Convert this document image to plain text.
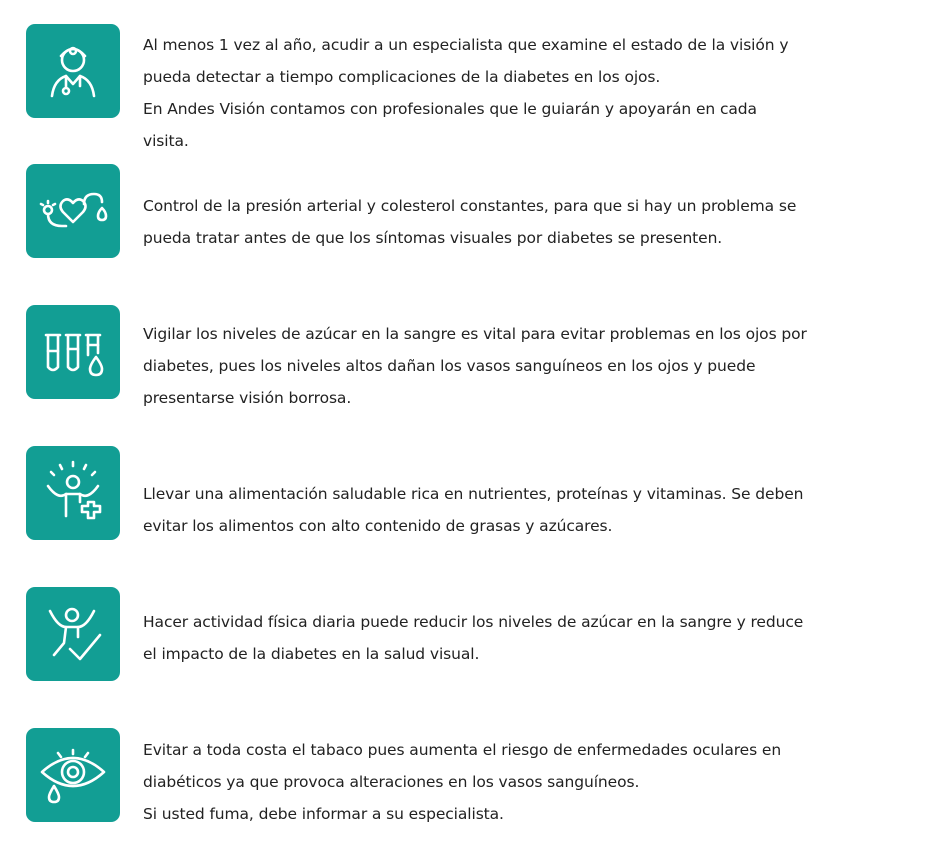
Al menos 1 vez al año, acudir a un especialista que examine el estado de la visión y

pueda detectar a tiempo complicaciones de la diabetes en los ojos.

En Andes Visión contamos con profesionales que le guiarán y apoyarán en cada

visita.

Control de la presión arterial y colesterol constantes, para que si hay un problema se

pueda tratar antes de que los síntomas visuales por diabetes se presenten.

Vigilar los niveles de azúcar en la sangre es vital para evitar problemas en los ojos por

diabetes, pues los niveles altos dañan los vasos sanguíneos en los ojos y puede

presentarse visión borrosa.

Llevar una alimentación saludable rica en nutrientes, proteínas y vitaminas. Se deben

evitar los alimentos con alto contenido de grasas y azúcares.

Hacer actividad física diaria puede reducir los niveles de azúcar en la sangre y reduce

el impacto de la diabetes en la salud visual.

Evitar a toda costa el tabaco pues aumenta el riesgo de enfermedades oculares en

diabéticos ya que provoca alteraciones en los vasos sanguíneos.

Si usted fuma, debe informar a su especialista.
